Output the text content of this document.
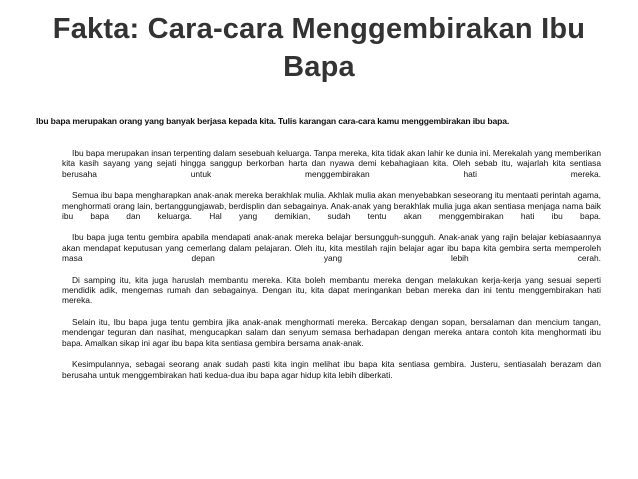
Fakta: Cara-cara Menggembirakan Ibu Bapa
Ibu bapa merupakan orang yang banyak berjasa kepada kita. Tulis karangan cara-cara kamu menggembirakan ibu bapa.

Ibu bapa merupakan insan terpenting dalam sesebuah keluarga. Tanpa mereka, kita tidak akan lahir ke dunia ini. Merekalah yang memberikan kita kasih sayang yang sejati hingga sanggup berkorban harta dan nyawa demi kebahagiaan kita. Oleh sebab itu, wajarlah kita sentiasa berusaha untuk menggembirakan hati mereka.

Semua ibu bapa mengharapkan anak-anak mereka berakhlak mulia. Akhlak mulia akan menyebabkan seseorang itu mentaati perintah agama, menghormati orang lain, bertanggungjawab, berdisplin dan sebagainya. Anak-anak yang berakhlak mulia juga akan sentiasa menjaga nama baik ibu bapa dan keluarga. Hal yang demikian, sudah tentu akan menggembirakan hati ibu bapa.

Ibu bapa juga tentu gembira apabila mendapati anak-anak mereka belajar bersungguh-sungguh. Anak-anak yang rajin belajar kebiasaannya akan mendapat keputusan yang cemerlang dalam pelajaran. Oleh itu, kita mestilah rajin belajar agar ibu bapa kita gembira serta memperoleh masa depan yang lebih cerah.

Di samping itu, kita juga haruslah membantu mereka. Kita boleh membantu mereka dengan melakukan kerja-kerja yang sesuai seperti mendidik adik, mengemas rumah dan sebagainya. Dengan itu, kita dapat meringankan beban mereka dan ini tentu menggembirakan hati mereka.

Selain itu, Ibu bapa juga tentu gembira jika anak-anak menghormati mereka. Bercakap dengan sopan, bersalaman dan mencium tangan, mendengar teguran dan nasihat, mengucapkan salam dan senyum semasa berhadapan dengan mereka antara contoh kita menghormati ibu bapa. Amalkan sikap ini agar ibu bapa kita sentiasa gembira bersama anak-anak.

Kesimpulannya, sebagai seorang anak sudah pasti kita ingin melihat ibu bapa kita sentiasa gembira. Justeru, sentiasalah berazam dan berusaha untuk menggembirakan hati kedua-dua ibu bapa agar hidup kita lebih diberkati.
